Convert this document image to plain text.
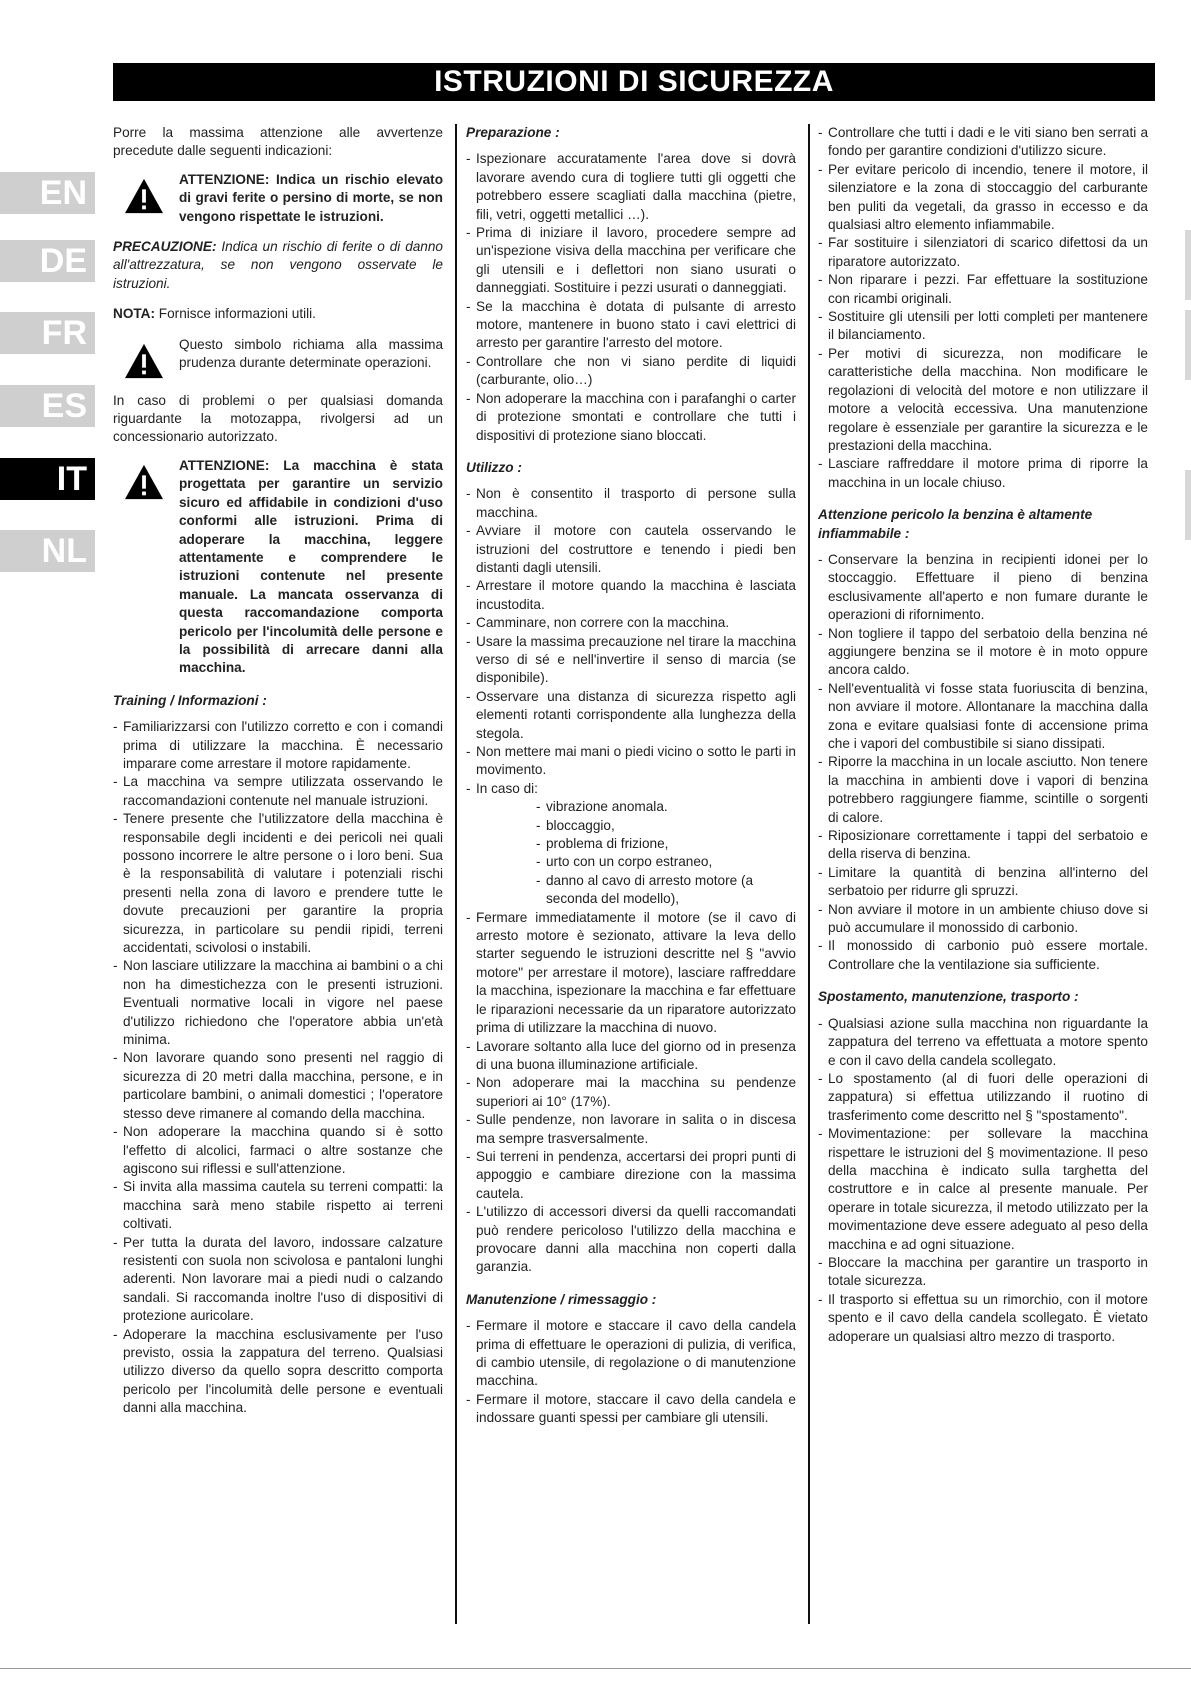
ISTRUZIONI DI SICUREZZA
EN
DE
FR
ES
IT
NL

Porre la massima attenzione alle avvertenze precedute dalle seguenti indicazioni:

ATTENZIONE: Indica un rischio elevato di gravi ferite o persino di morte, se non vengono rispettate le istruzioni.

PRECAUZIONE: Indica un rischio di ferite o di danno all'attrezzatura, se non vengono osservate le istruzioni.

NOTA: Fornisce informazioni utili.

Questo simbolo richiama alla massima prudenza durante determinate operazioni.

In caso di problemi o per qualsiasi domanda riguardante la motozappa, rivolgersi ad un concessionario autorizzato.

ATTENZIONE: La macchina è stata progettata per garantire un servizio sicuro ed affidabile in condizioni d'uso conformi alle istruzioni. Prima di adoperare la macchina, leggere attentamente e comprendere le istruzioni contenute nel presente manuale. La mancata osservanza di questa raccomandazione comporta pericolo per l'incolumità delle persone e la possibilità di arrecare danni alla macchina.

Training / Informazioni :
- Familiarizzarsi con l'utilizzo corretto e con i comandi prima di utilizzare la macchina. È necessario imparare come arrestare il motore rapidamente.
- La macchina va sempre utilizzata osservando le raccomandazioni contenute nel manuale istruzioni.
- Tenere presente che l'utilizzatore della macchina è responsabile degli incidenti e dei pericoli nei quali possono incorrere le altre persone o i loro beni. Sua è la responsabilità di valutare i potenziali rischi presenti nella zona di lavoro e prendere tutte le dovute precauzioni per garantire la propria sicurezza, in particolare su pendii ripidi, terreni accidentati, scivolosi o instabili.
- Non lasciare utilizzare la macchina ai bambini o a chi non ha dimestichezza con le presenti istruzioni. Eventuali normative locali in vigore nel paese d'utilizzo richiedono che l'operatore abbia un'età minima.
- Non lavorare quando sono presenti nel raggio di sicurezza di 20 metri dalla macchina, persone, e in particolare bambini, o animali domestici ; l'operatore stesso deve rimanere al comando della macchina.
- Non adoperare la macchina quando si è sotto l'effetto di alcolici, farmaci o altre sostanze che agiscono sui riflessi e sull'attenzione.
- Si invita alla massima cautela su terreni compatti: la macchina sarà meno stabile rispetto ai terreni coltivati.
- Per tutta la durata del lavoro, indossare calzature resistenti con suola non scivolosa e pantaloni lunghi aderenti. Non lavorare mai a piedi nudi o calzando sandali. Si raccomanda inoltre l'uso di dispositivi di protezione auricolare.
- Adoperare la macchina esclusivamente per l'uso previsto, ossia la zappatura del terreno. Qualsiasi utilizzo diverso da quello sopra descritto comporta pericolo per l'incolumità delle persone e eventuali danni alla macchina.
Preparazione :
- Ispezionare accuratamente l'area dove si dovrà lavorare avendo cura di togliere tutti gli oggetti che potrebbero essere scagliati dalla macchina (pietre, fili, vetri, oggetti metallici …).
- Prima di iniziare il lavoro, procedere sempre ad un'ispezione visiva della macchina per verificare che gli utensili e i deflettori non siano usurati o danneggiati. Sostituire i pezzi usurati o danneggiati.
- Se la macchina è dotata di pulsante di arresto motore, mantenere in buono stato i cavi elettrici di arresto per garantire l'arresto del motore.
- Controllare che non vi siano perdite di liquidi (carburante, olio…)
- Non adoperare la macchina con i parafanghi o carter di protezione smontati e controllare che tutti i dispositivi di protezione siano bloccati.
Utilizzo :
- Non è consentito il trasporto di persone sulla macchina.
- Avviare il motore con cautela osservando le istruzioni del costruttore e tenendo i piedi ben distanti dagli utensili.
- Arrestare il motore quando la macchina è lasciata incustodita.
- Camminare, non correre con la macchina.
- Usare la massima precauzione nel tirare la macchina verso di sé e nell'invertire il senso di marcia (se disponibile).
- Osservare una distanza di sicurezza rispetto agli elementi rotanti corrispondente alla lunghezza della stegola.
- Non mettere mai mani o piedi vicino o sotto le parti in movimento.
- In caso di:
- vibrazione anomala.
- bloccaggio,
- problema di frizione,
- urto con un corpo estraneo,
- danno al cavo di arresto motore (a seconda del modello),
- Fermare immediatamente il motore (se il cavo di arresto motore è sezionato, attivare la leva dello starter seguendo le istruzioni descritte nel § "avvio motore" per arrestare il motore), lasciare raffreddare la macchina, ispezionare la macchina e far effettuare le riparazioni necessarie da un riparatore autorizzato prima di utilizzare la macchina di nuovo.
- Lavorare soltanto alla luce del giorno od in presenza di una buona illuminazione artificiale.
- Non adoperare mai la macchina su pendenze superiori ai 10° (17%).
- Sulle pendenze, non lavorare in salita o in discesa ma sempre trasversalmente.
- Sui terreni in pendenza, accertarsi dei propri punti di appoggio e cambiare direzione con la massima cautela.
- L'utilizzo di accessori diversi da quelli raccomandati può rendere pericoloso l'utilizzo della macchina e provocare danni alla macchina non coperti dalla garanzia.
Manutenzione / rimessaggio :
- Fermare il motore e staccare il cavo della candela prima di effettuare le operazioni di pulizia, di verifica, di cambio utensile, di regolazione o di manutenzione macchina.
- Fermare il motore, staccare il cavo della candela e indossare guanti spessi per cambiare gli utensili.
- Controllare che tutti i dadi e le viti siano ben serrati a fondo per garantire condizioni d'utilizzo sicure.
- Per evitare pericolo di incendio, tenere il motore, il silenziatore e la zona di stoccaggio del carburante ben puliti da vegetali, da grasso in eccesso e da qualsiasi altro elemento infiammabile.
- Far sostituire i silenziatori di scarico difettosi da un riparatore autorizzato.
- Non riparare i pezzi. Far effettuare la sostituzione con ricambi originali.
- Sostituire gli utensili per lotti completi per mantenere il bilanciamento.
- Per motivi di sicurezza, non modificare le caratteristiche della macchina. Non modificare le regolazioni di velocità del motore e non utilizzare il motore a velocità eccessiva. Una manutenzione regolare è essenziale per garantire la sicurezza e le prestazioni della macchina.
- Lasciare raffreddare il motore prima di riporre la macchina in un locale chiuso.
Attenzione pericolo la benzina è altamente infiammabile :
- Conservare la benzina in recipienti idonei per lo stoccaggio. Effettuare il pieno di benzina esclusivamente all'aperto e non fumare durante le operazioni di rifornimento.
- Non togliere il tappo del serbatoio della benzina né aggiungere benzina se il motore è in moto oppure ancora caldo.
- Nell'eventualità vi fosse stata fuoriuscita di benzina, non avviare il motore. Allontanare la macchina dalla zona e evitare qualsiasi fonte di accensione prima che i vapori del combustibile si siano dissipati.
- Riporre la macchina in un locale asciutto. Non tenere la macchina in ambienti dove i vapori di benzina potrebbero raggiungere fiamme, scintille o sorgenti di calore.
- Riposizionare correttamente i tappi del serbatoio e della riserva di benzina.
- Limitare la quantità di benzina all'interno del serbatoio per ridurre gli spruzzi.
- Non avviare il motore in un ambiente chiuso dove si può accumulare il monossido di carbonio.
- Il monossido di carbonio può essere mortale. Controllare che la ventilazione sia sufficiente.
Spostamento, manutenzione, trasporto :
- Qualsiasi azione sulla macchina non riguardante la zappatura del terreno va effettuata a motore spento e con il cavo della candela scollegato.
- Lo spostamento (al di fuori delle operazioni di zappatura) si effettua utilizzando il ruotino di trasferimento come descritto nel § "spostamento".
- Movimentazione: per sollevare la macchina rispettare le istruzioni del § movimentazione. Il peso della macchina è indicato sulla targhetta del costruttore e in calce al presente manuale. Per operare in totale sicurezza, il metodo utilizzato per la movimentazione deve essere adeguato al peso della macchina e ad ogni situazione.
- Bloccare la macchina per garantire un trasporto in totale sicurezza.
- Il trasporto si effettua su un rimorchio, con il motore spento e il cavo della candela scollegato. È vietato adoperare un qualsiasi altro mezzo di trasporto.
